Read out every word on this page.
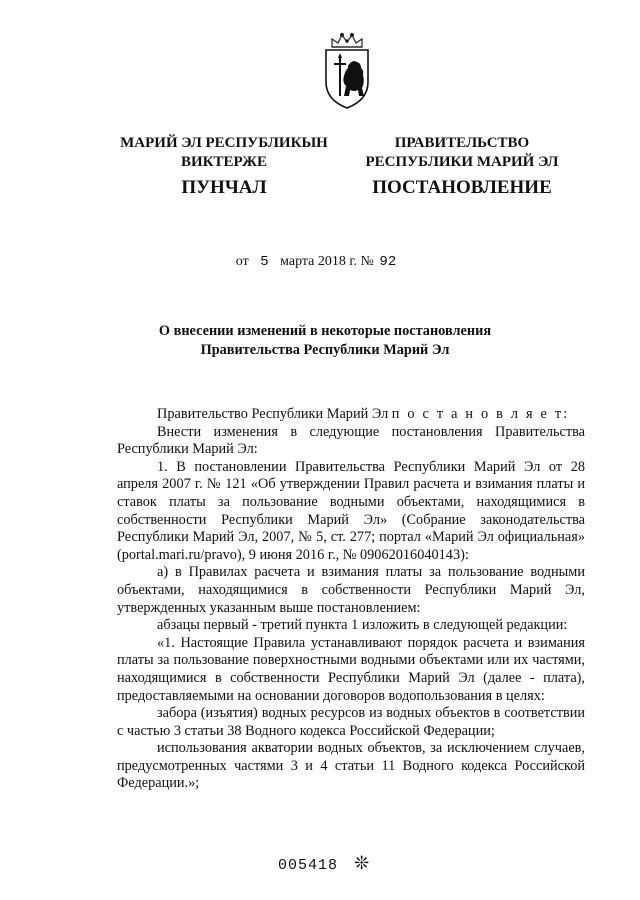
МАРИЙ ЭЛ РЕСПУБЛИКЫН
ВИКТЕРЖЕ
ПУНЧАЛ
ПРАВИТЕЛЬСТВО
РЕСПУБЛИКИ МАРИЙ ЭЛ
ПОСТАНОВЛЕНИЕ
от 5 марта 2018 г. № 92
О внесении изменений в некоторые постановления
Правительства Республики Марий Эл

Правительство Республики Марий Эл п о с т а н о в л я е т:

Внести изменения в следующие постановления Правительства Республики Марий Эл:

1. В постановлении Правительства Республики Марий Эл от 28 апреля 2007 г. № 121 «Об утверждении Правил расчета и взимания платы и ставок платы за пользование водными объектами, находящимися в собственности Республики Марий Эл» (Собрание законодательства Республики Марий Эл, 2007, № 5, ст. 277; портал «Марий Эл официальная» (portal.mari.ru/pravo), 9 июня 2016 г., № 09062016040143):

а) в Правилах расчета и взимания платы за пользование водными объектами, находящимися в собственности Республики Марий Эл, утвержденных указанным выше постановлением:

абзацы первый - третий пункта 1 изложить в следующей редакции:

«1. Настоящие Правила устанавливают порядок расчета и взимания платы за пользование поверхностными водными объектами или их частями, находящимися в собственности Республики Марий Эл (далее - плата), предоставляемыми на основании договоров водопользования в целях:

забора (изъятия) водных ресурсов из водных объектов в соответствии с частью 3 статьи 38 Водного кодекса Российской Федерации;

использования акватории водных объектов, за исключением случаев, предусмотренных частями 3 и 4 статьи 11 Водного кодекса Российской Федерации.»;

005418 ❊
